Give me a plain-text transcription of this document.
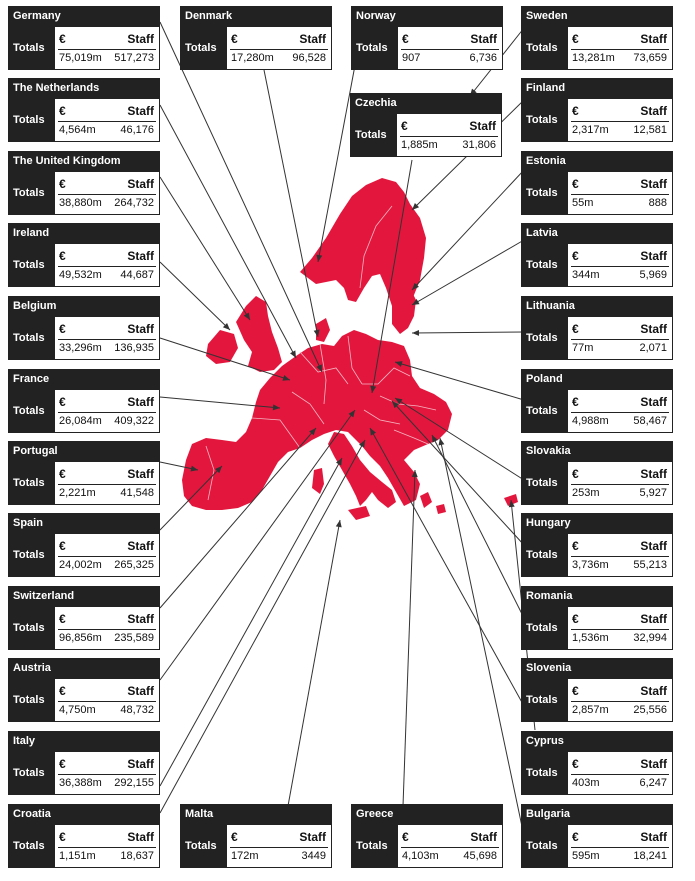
Germany
Totals
€	Staff
75,019m 517,273
Denmark
Totals
€	Staff
17,280m 96,528
Norway
Totals
€	Staff
907	6,736
Sweden
Totals
€	Staff
13,281m 73,659
The Netherlands
Totals
€	Staff
4,564m 46,176
Czechia
Totals
€	Staff
1,885m 31,806
Finland
Totals
€	Staff
2,317m 12,581
The United Kingdom
Totals
€	Staff
38,880m 264,732
Estonia
Totals
€	Staff
55m	888
Ireland
Totals
€	Staff
49,532m 44,687
Latvia
Totals
€	Staff
344m	5,969
Belgium
Totals
€	Staff
33,296m 136,935
Lithuania
Totals
€	Staff
77m	2,071
France
Totals
€	Staff
26,084m 409,322
Poland
Totals
€	Staff
4,988m 58,467
Portugal
Totals
€	Staff
2,221m 41,548
Slovakia
Totals
€	Staff
253m	5,927
Spain
Totals
€	Staff
24,002m 265,325
Hungary
Totals
€	Staff
3,736m 55,213
Switzerland
Totals
€	Staff
96,856m 235,589
Romania
Totals
€	Staff
1,536m 32,994
Austria
Totals
€	Staff
4,750m 48,732
Slovenia
Totals
€	Staff
2,857m 25,556
Italy
Totals
€	Staff
36,388m 292,155
Cyprus
Totals
€	Staff
403m	6,247
Croatia
Totals
€	Staff
1,151m 18,637
Malta
Totals
€	Staff
172m	3449
Greece
Totals
€	Staff
4,103m 45,698
Bulgaria
Totals
€	Staff
595m	18,241
